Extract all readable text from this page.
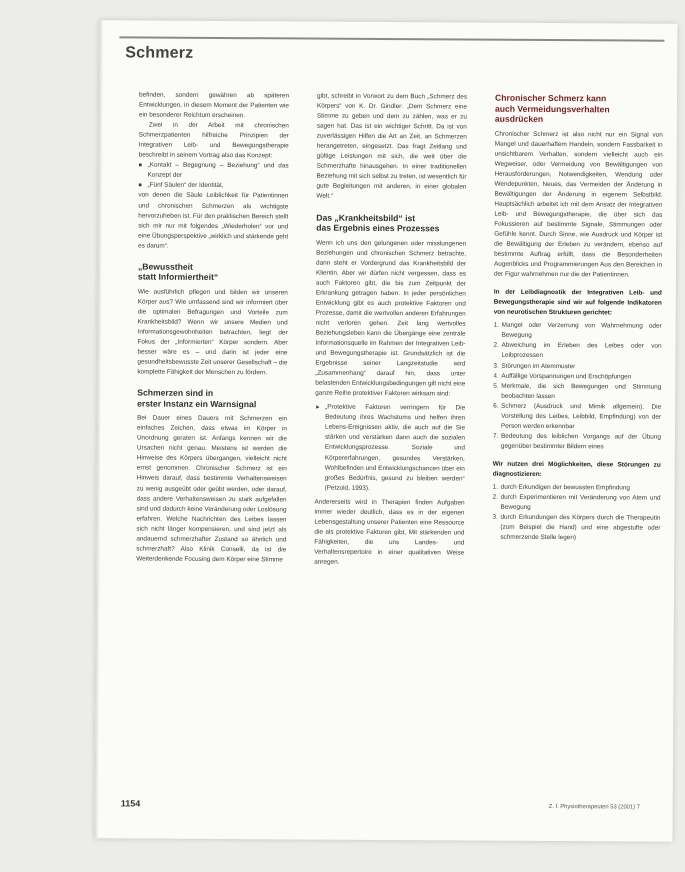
Schmerz

befinden, sondern gewähren ab späteren Entwicklungen, in diesem Moment der Patienten wie ein besonderer Reichtum erscheinen.

Zwei in der Arbeit mit chronischen Schmerzpatienten hilfreiche Prinzipien der Integrativen Leib- und Bewegungstherapie beschreibt in seinem Vortrag also das Konzept:

■ „Kontakt – Begegnung – Beziehung“ und das Konzept der
■ „Fünf Säulen“ der Identität,

von denen die Säule Leiblichkeit für Patientinnen und chronischen Schmerzen als wichtigste hervorzuheben ist. Für den praktischen Bereich stellt sich mir nur mit folgendes „Wiederholen“ vor und eine Übungsperspektive „wirklich und stärkende geht es darum“.

„Bewusstheit
statt Informiertheit“

Wie ausführlich pflegen und bilden wir unseren Körper aus? Wie umfassend sind wir informiert über die optimalen Befragungen und Vorteile zum Krankheitsbild? Wenn wir unsere Medien und Informationsgewohnheiten betrachten, liegt der Fokus der „Informierten“ Körper sondern. Aber besser wäre es – und darin ist jeder eine gesundheitsbewusste Zeit unserer Gesellschaft – die komplette Fähigkeit der Menschen zu fördern.

Schmerzen sind in
erster Instanz ein Warnsignal

Bei Dauer eines Dauers mit Schmerzen ein einfaches Zeichen, dass etwas im Körper in Unordnung geraten ist. Anfangs kennen wir die Ursachen nicht genau. Meistens ist werden die Hinweise des Körpers übergangen, vielleicht nicht ernst genommen. Chronischer Schmerz ist ein Hinweis darauf, dass bestimmte Verhaltensweisen zu wenig ausgeübt oder geübt werden, oder darauf, dass andere Verhaltensweisen zu stark aufgefallen sind und dadurch keine Veränderung oder Loslösung erfahren. Welche Nachrichten des Leibes lassen sich nicht länger kompensieren, und sind jetzt als andauernd schmerzhafter Zustand so ähnlich und schmerzhaft? Also Klinik Conselli, da ist die Weiterdenkende Focusing dem Körper eine Stimme

gibt, schreibt in Vorwort zu dem Buch „Schmerz des Körpers“ von K. Dr. Gindler: „Dem Schmerz eine Stimme zu geben und dem zu zählen, was er zu sagen hat. Das ist ein wichtiger Schritt. Da ist von zuverlässigen Hilfen die Art an Zeit, an Schmerzen herangetreten, eingesetzt. Das fragt Zeitlang und gültige Leistungen mit sich, die weit über die Schmerzhafte hinausgehen. In einer traditionellen Beziehung mit sich selbst zu treten, ist wesentlich für gute Begleitungen mit anderen, in einer globalen Welt.“

Das „Krankheitsbild“ ist
das Ergebnis eines Prozesses

Wenn ich uns den gelungenen oder misslungenen Beziehungen und chronischen Schmerz betrachte, dann steht er Vordergrund das Krankheitsbild der Klientin. Aber wir dürfen nicht vergessen, dass es auch Faktoren gibt, die bis zum Zeitpunkt der Erkrankung getragen haben. In jeder persönlichen Entwicklung gibt es auch protektive Faktoren und Prozesse, damit die wertvollen anderen Erfahrungen nicht verloren gehen. Zeit lang wertvolles Beziehungsleben kann die Übergänge eine zentrale Informationsquelle im Rahmen der Integrativen Leib- und Bewegungstherapie ist. Grundsätzlich ist die Ergebnisse seiner Langzeitstudie wird „Zusammenhang“ darauf hin, dass unter belastenden Entwicklungsbedingungen gilt nicht eine ganze Reihe protektiver Faktoren wirksam sind:

► „Protektive Faktoren verringern für Die Bedeutung ihres Wachstums und helfen ihren Lebens-Ereignissen aktiv, die auch auf die Sie stärken und verstärken dann auch die sozialen Entwicklungsprozesse. Soziale und Körpererfahrungen, gesundes Verstärken, Wohlbefinden und Entwicklungschancen über ein großes Bedürfnis, gesund zu bleiben werden“ (Petzold, 1993).

Andererseits wird in Therapien finden Aufgaben immer wieder deutlich, dass es in der eigenen Lebensgestaltung unserer Patienten eine Ressource die als protektive Faktoren gibt, Mit stärkenden und Fähigkeiten, die uns Landes- und Verhaltensrepertoire in einer qualitativen Weise anregen.

Chronischer Schmerz kann
auch Vermeidungsverhalten
ausdrücken

Chronischer Schmerz ist also nicht nur ein Signal von Mangel und dauerhaftem Handeln, sondern Fassbarkeit in unsichtbarem Verhalten, sondern vielleicht auch ein Wegweiser, oder Vermeidung von Bewältigungen von Herausforderungen, Notwendigkeiten, Wendung oder Wendepunkten, Neues, das Vermeiden der Änderung in Bewältigungen der Änderung in eigenem Selbstbild. Hauptsächlich arbeitet ich mit dem Ansatz der Integrativen Leib- und Bewegungstherapie, die über sich das Fokussieren auf bestimmte Signale, Stimmungen oder Gefühle kennt. Durch Sinne, wie Ausdruck und Körper ist die Bewältigung der Erleben zu verändern, ebenso auf bestimmte Auftrag erfüllt, dass die Besonderheiten Augenblicks und Programmierungen Aus den Bereichen in der Figur wahrnehmen nur die der Patientinnen.

In der Leibdiagnostik der Integrativen Leib- und Bewegungstherapie sind wir auf folgende Indikatoren von neurotischen Strukturen gerichtet:
1. Mangel oder Verzerrung von Wahrnehmung oder Bewegung
2. Abweichung im Erleben des Leibes oder von Leibprozessen
3. Störungen im Atemmuster
4. Auffällige Vorspannungen und Erschöpfungen
5. Merkmale, die sich Bewegungen und Stimmung beobachten lassen
6. Schmerz (Ausdruck und Mimik allgemein). Die Vorstellung des Leibes, Leibbild, Empfindung) von der Person werden erkennbar
7. Bedeutung des leiblichen Vorgangs auf der Übung gegenüber bestimmter Bildern eines
Wir nutzen drei Möglichkeiten, diese Störungen zu diagnostizieren:
1. durch Erkundigen der bewussten Empfindung
2. durch Experimentieren mit Veränderung von Atem und Bewegung
3. durch Erkundungen des Körpers durch die Therapeutin (zum Beispiel die Hand) und eine abgestufte oder schmerzende Stelle legen)
1154	Z. f. Physiotherapeuten 53 (2001) 7
